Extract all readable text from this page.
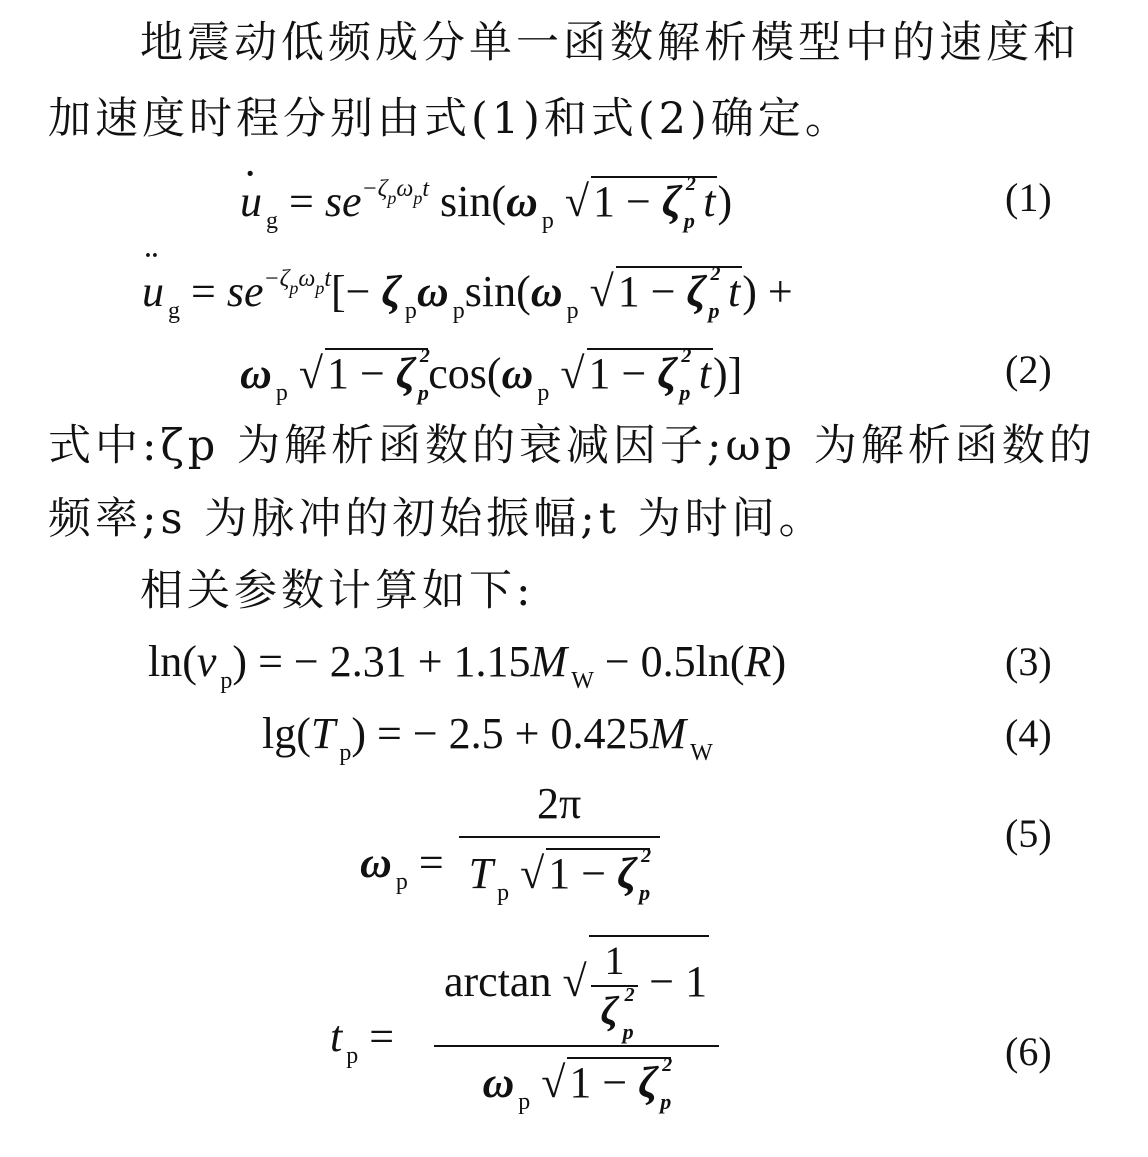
地震动低频成分单一函数解析模型中的速度和
加速度时程分别由式(1)和式(2)确定。
· u $_g = se^{-\zeta_p\omega_pt}$ sin(ω $_p$ √1 − ζ p
2 t)	(1)
¨ u $_g = se^{-\zeta_p\omega_pt}[- \zeta$ $_p$ω $_p$sin(ω $_p$ √1 − ζ p
2 t) +
ω $_p$ √1 − ζ p
2
cos(ω $_p$ √1 − ζ p
2 t)]	(2)
式中:ζp 为解析函数的衰减因子;ωp 为解析函数的
频率;s 为脉冲的初始振幅;t 为时间。
相关参数计算如下:
ln(v $_p$) = − 2.31 + 1.15M $_W$ − 0.5ln(R)	(3)
lg(T $_p$) = − 2.5 + 0.425M $_W$	(4)
ω $_p$ = 2π
T $_p$ √1 − ζ p
2
	(5)
t $_p$ = arctan √ 1
ζ p
2
− 1
ω $_p$ √1 − ζ p
2
	(6)
